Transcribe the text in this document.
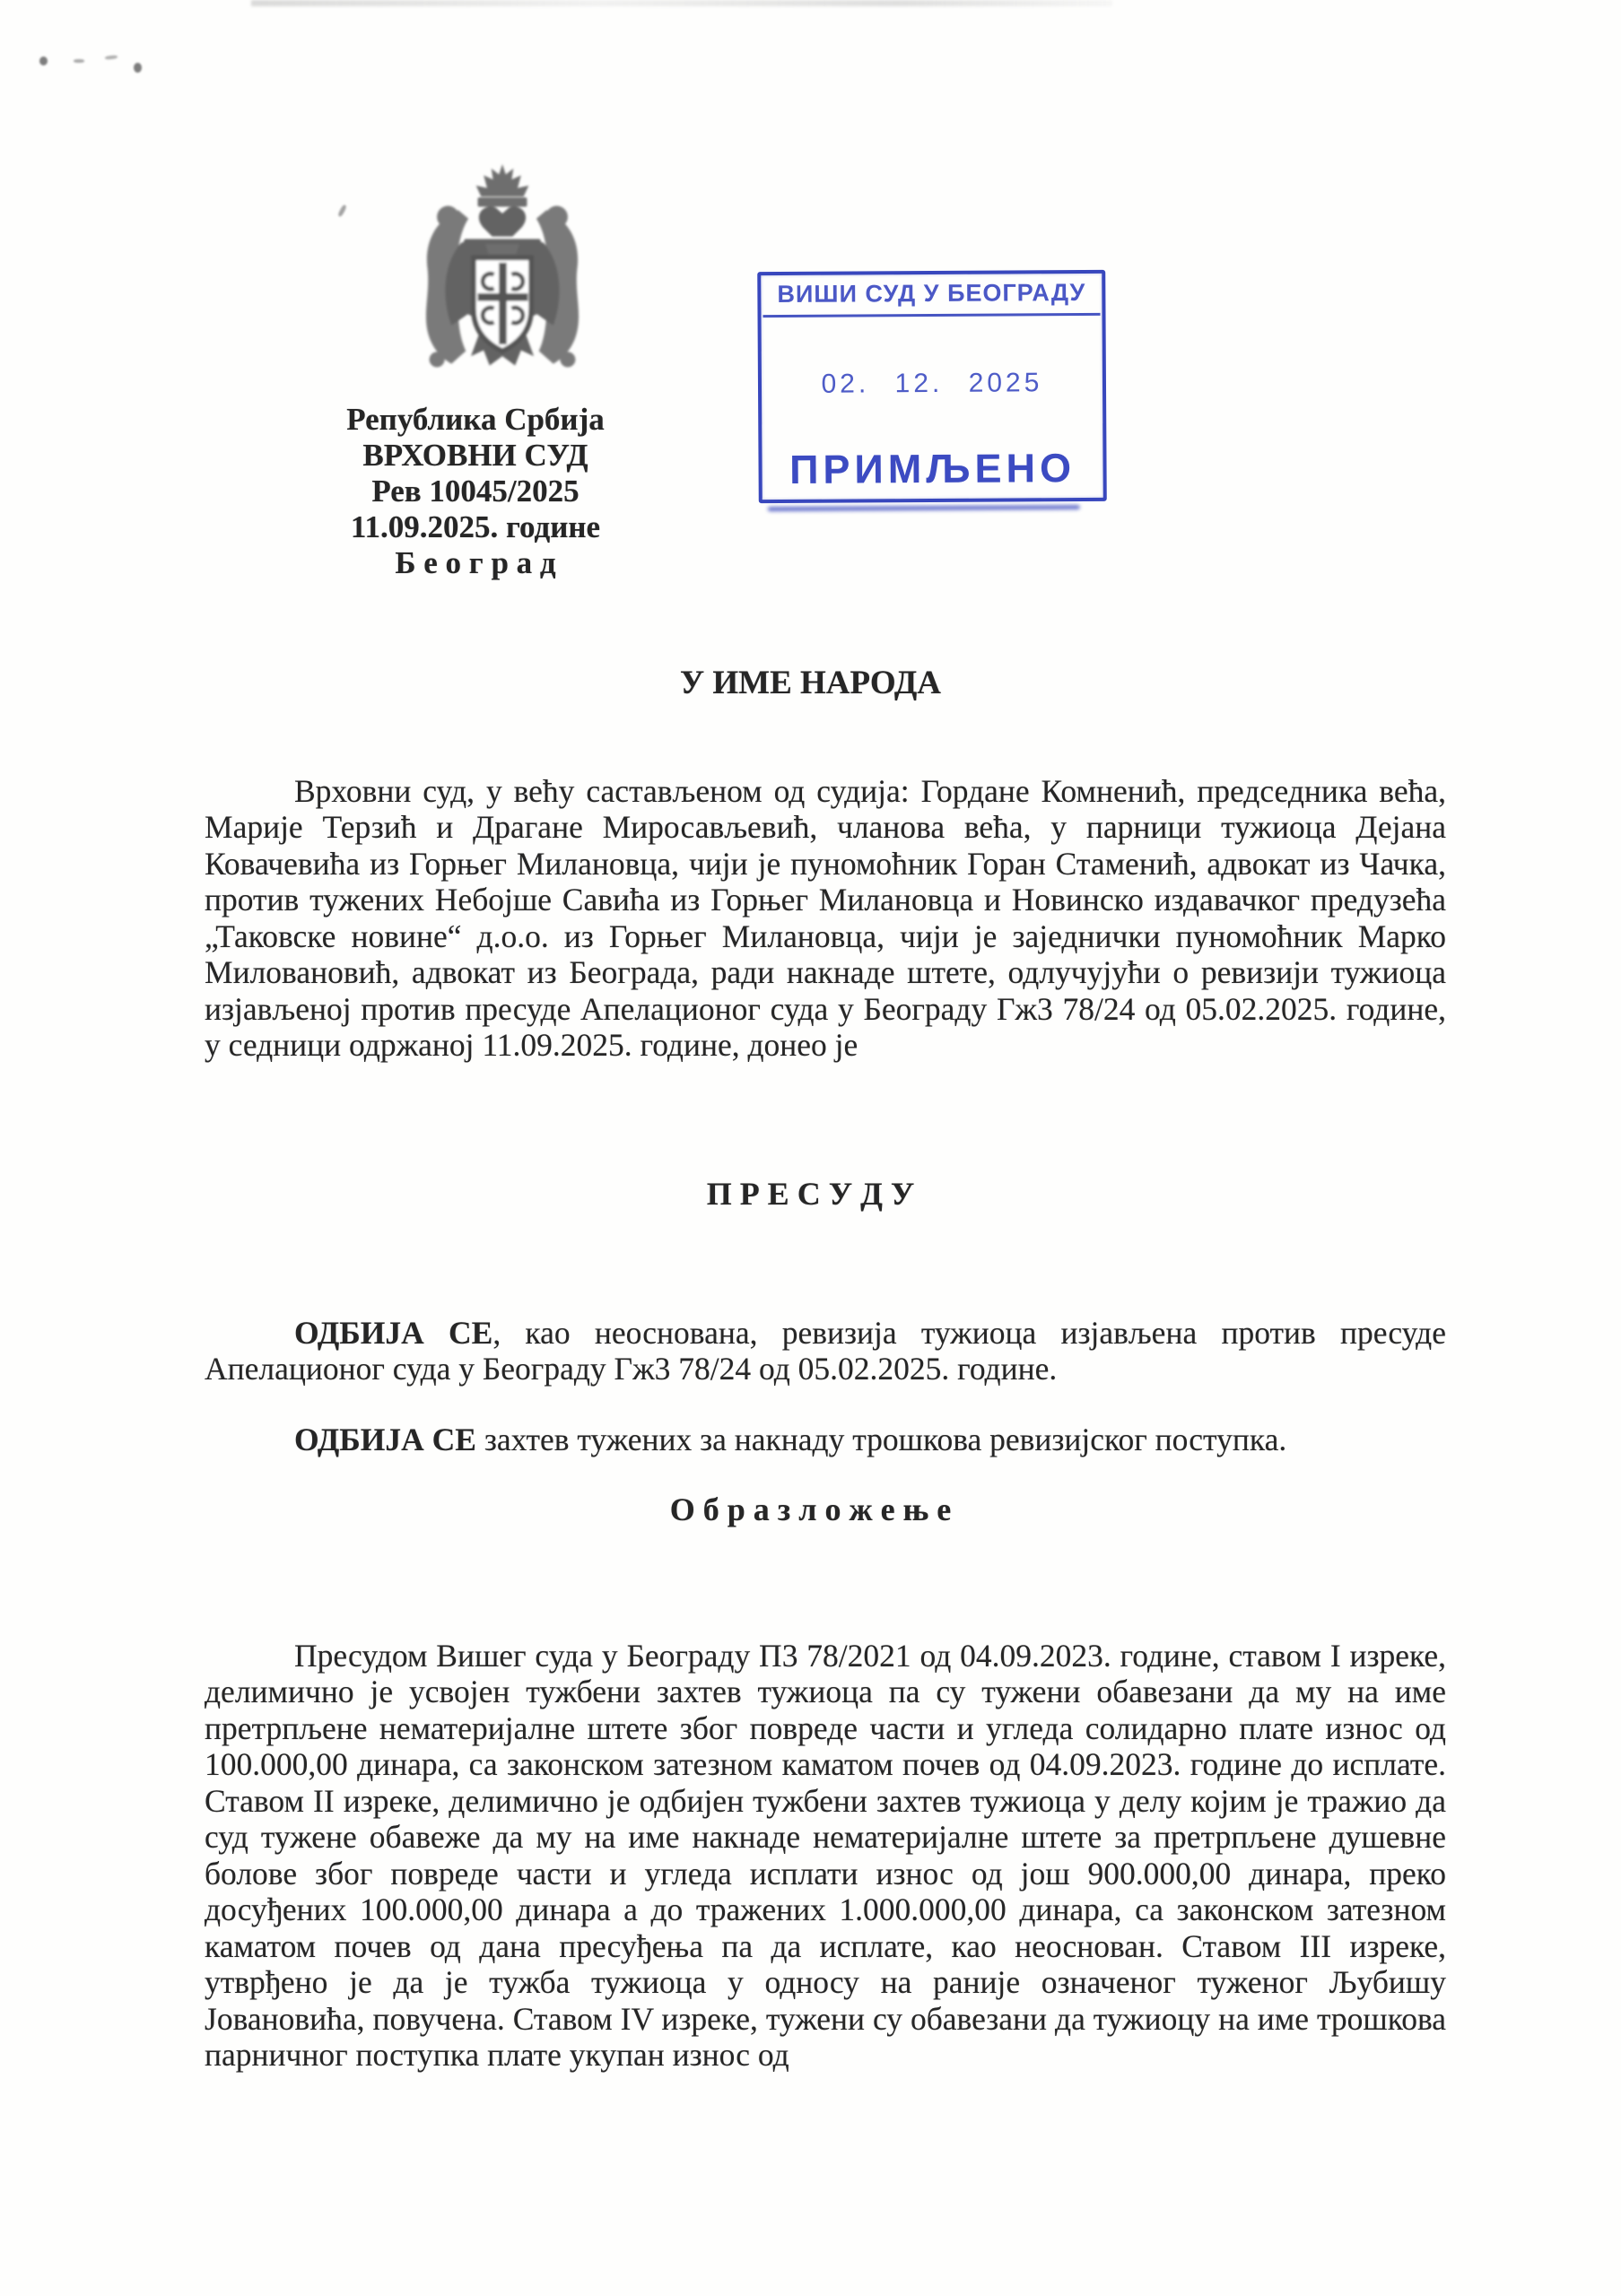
Република Србија
ВРХОВНИ СУД
Рев 10045/2025
11.09.2025. године
Б е о г р а д
ВИШИ СУД У БЕОГРАДУ
02. 12. 2025
ПРИМЉЕНО
У ИМЕ НАРОДА

Врховни суд, у већу састављеном од судија: Гордане Комненић, председника већа, Марије Терзић и Драгане Миросављевић, чланова већа, у парници тужиоца Дејана Ковачевића из Горњег Милановца, чији је пуномоћник Горан Стаменић, адвокат из Чачка, против тужених Небојше Савића из Горњег Милановца и Новинско издавачког предузећа „Таковске новине“ д.о.о. из Горњег Милановца, чији је заједнички пуномоћник Марко Миловановић, адвокат из Београда, ради накнаде штете, одлучујући о ревизији тужиоца изјављеној против пресуде Апелационог суда у Београду Гж3 78/24 од 05.02.2025. године, у седници одржаној 11.09.2025. године, донео је

П Р Е С У Д У

ОДБИЈА СЕ, као неоснована, ревизија тужиоца изјављена против пресуде Апелационог суда у Београду Гж3 78/24 од 05.02.2025. године.

ОДБИЈА СЕ захтев тужених за накнаду трошкова ревизијског поступка.

О б р а з л о ж е њ е

Пресудом Вишег суда у Београду П3 78/2021 од 04.09.2023. године, ставом I изреке, делимично је усвојен тужбени захтев тужиоца па су тужени обавезани да му на име претрпљене нематеријалне штете због повреде части и угледа солидарно плате износ од 100.000,00 динара, са законском затезном каматом почев од 04.09.2023. године до исплате. Ставом II изреке, делимично је одбијен тужбени захтев тужиоца у делу којим је тражио да суд тужене обавеже да му на име накнаде нематеријалне штете за претрпљене душевне болове због повреде части и угледа исплати износ од још 900.000,00 динара, преко досуђених 100.000,00 динара а до тражених 1.000.000,00 динара, са законском затезном каматом почев од дана пресуђења па да исплате, као неоснован. Ставом III изреке, утврђено је да је тужба тужиоца у односу на раније означеног туженог Љубишу Јовановића, повучена. Ставом IV изреке, тужени су обавезани да тужиоцу на име трошкова парничног поступка плате укупан износ од
